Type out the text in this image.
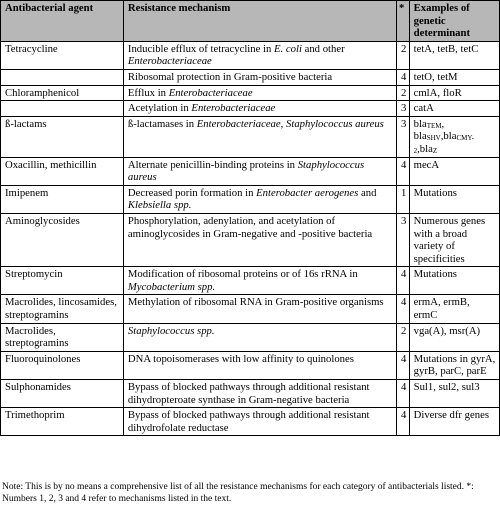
Antibacterial agent	Resistance mechanism	*	Examples of genetic determinant
Tetracycline	Inducible efflux of tetracycline in E. coli and other Enterobacteriaceae	2	tetA, tetB, tetC
	Ribosomal protection in Gram-positive bacteria	4	tetO, tetM
Chloramphenicol	Efflux in Enterobacteriaceae	2	cmlA, floR
	Acetylation in Enterobacteriaceae	3	catA
ß-lactams	ß-lactamases in Enterobacteriaceae, Staphylococcus aureus	3	bla$_{TEM}$, bla$_{SHV}$,bla$_{CMY-2}$,bla$_Z$
Oxacillin, methicillin	Alternate penicillin-binding proteins in Staphylococcus aureus	4	mecA
Imipenem	Decreased porin formation in Enterobacter aerogenes and Klebsiella spp.	1	Mutations
Aminoglycosides	Phosphorylation, adenylation, and acetylation of aminoglycosides in Gram-negative and -positive bacteria	3	Numerous genes with a broad variety of specificities
Streptomycin	Modification of ribosomal proteins or of 16s rRNA in Mycobacterium spp.	4	Mutations
Macrolides, lincosamides, streptogramins	Methylation of ribosomal RNA in Gram-positive organisms	4	ermA, ermB, ermC
Macrolides, streptogramins	Staphylococcus spp.	2	vga(A), msr(A)
Fluoroquinolones	DNA topoisomerases with low affinity to quinolones	4	Mutations in gyrA, gyrB, parC, parE
Sulphonamides	Bypass of blocked pathways through additional resistant dihydropteroate synthase in Gram-negative bacteria	4	Sul1, sul2, sul3
Trimethoprim	Bypass of blocked pathways through additional resistant dihydrofolate reductase	4	Diverse dfr genes
Note: This is by no means a comprehensive list of all the resistance mechanisms for each category of antibacterials listed. *: Numbers 1, 2, 3 and 4 refer to mechanisms listed in the text.
